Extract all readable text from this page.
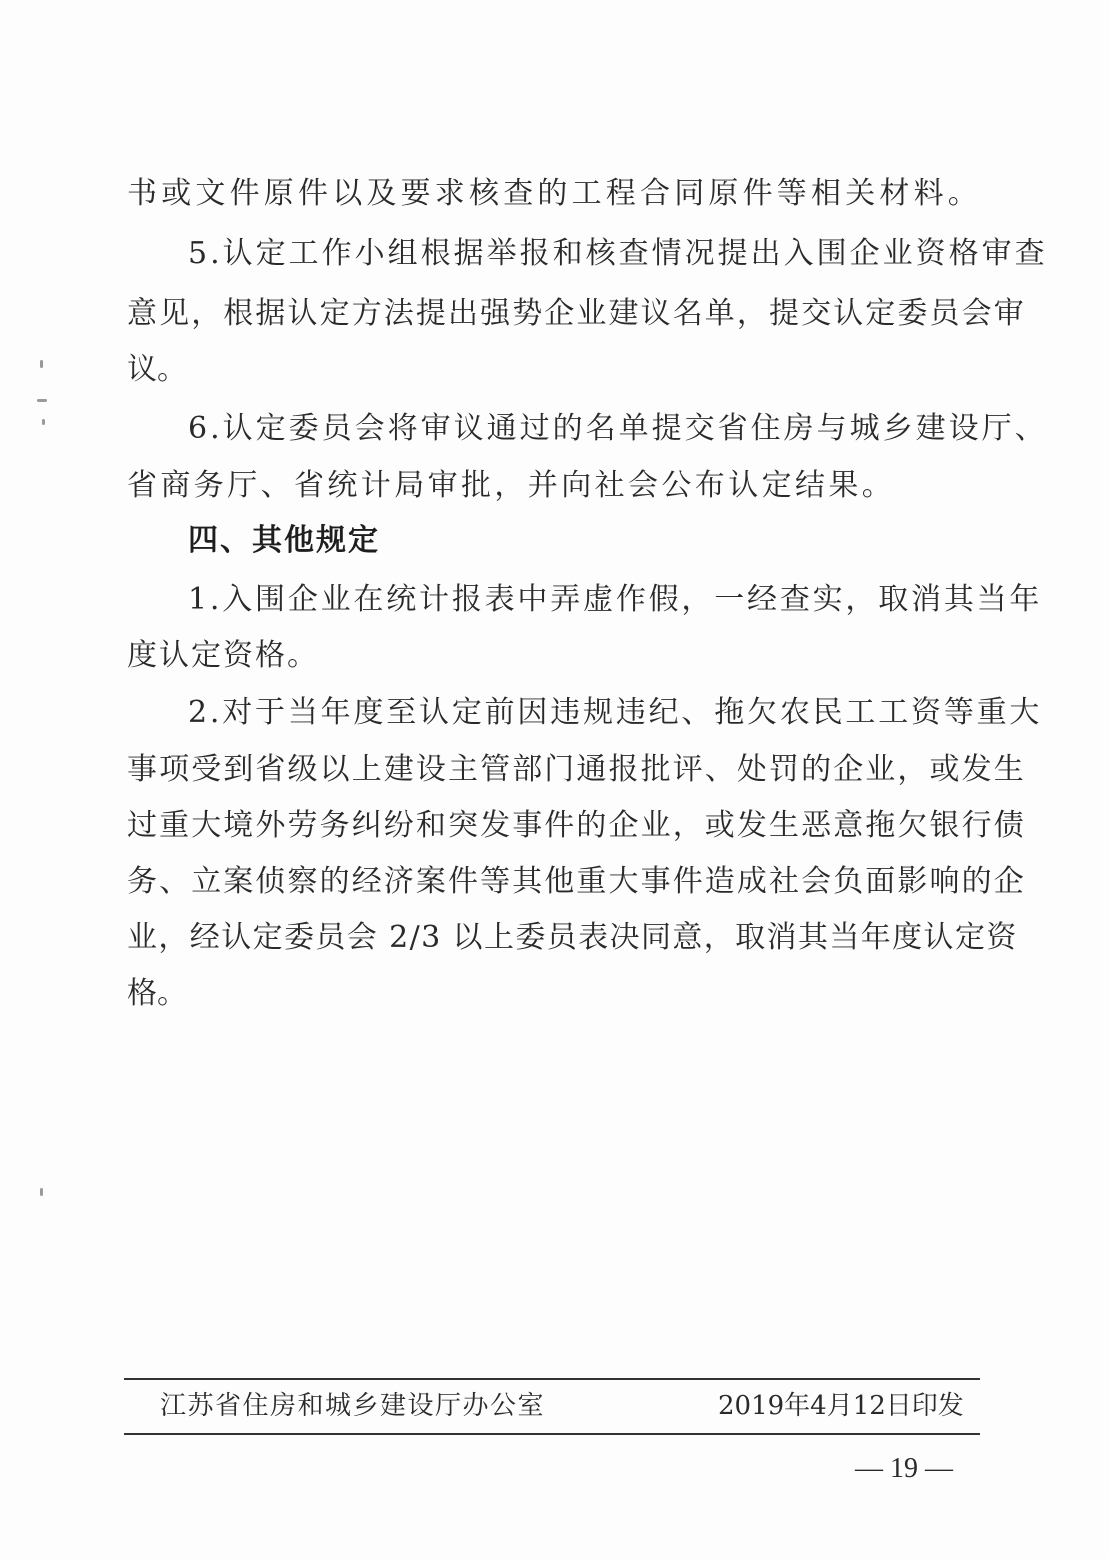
书或文件原件以及要求核查的工程合同原件等相关材料。
5.认定工作小组根据举报和核查情况提出入围企业资格审查
意见，根据认定方法提出强势企业建议名单，提交认定委员会审
议。
6.认定委员会将审议通过的名单提交省住房与城乡建设厅、
省商务厅、省统计局审批，并向社会公布认定结果。
四、其他规定
1.入围企业在统计报表中弄虚作假，一经查实，取消其当年
度认定资格。
2.对于当年度至认定前因违规违纪、拖欠农民工工资等重大
事项受到省级以上建设主管部门通报批评、处罚的企业，或发生
过重大境外劳务纠纷和突发事件的企业，或发生恶意拖欠银行债
务、立案侦察的经济案件等其他重大事件造成社会负面影响的企
业，经认定委员会 2/3 以上委员表决同意，取消其当年度认定资
格。
江苏省住房和城乡建设厅办公室	2019年4月12日印发
— 19 —
